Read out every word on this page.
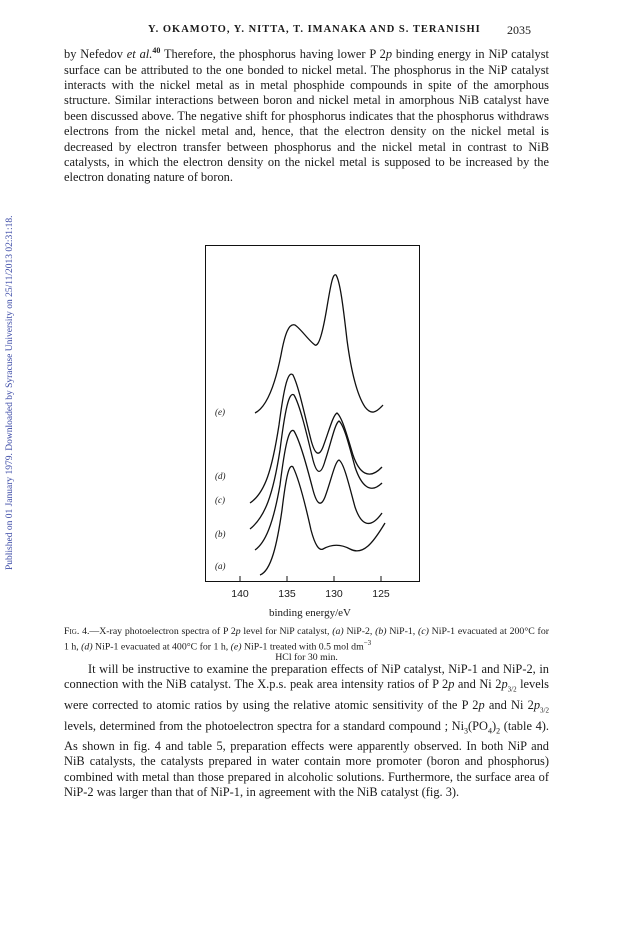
Published on 01 January 1979. Downloaded by Syracuse University on 25/11/2013 02:31:18.
Y. OKAMOTO, Y. NITTA, T. IMANAKA AND S. TERANISHI 2035

by Nefedov et al.$^{40}$ Therefore, the phosphorus having lower P 2p binding energy in NiP catalyst surface can be attributed to the one bonded to nickel metal. The phosphorus in the NiP catalyst interacts with the nickel metal as in metal phosphide compounds in spite of the amorphous structure. Similar interactions between boron and nickel metal in amorphous NiB catalyst have been discussed above. The negative shift for phosphorus indicates that the phosphorus withdraws electrons from the nickel metal and, hence, that the electron density on the nickel metal is decreased by electron transfer between phosphorus and the nickel metal in contrast to NiB catalysts, in which the electron density on the nickel metal is supposed to be increased by the electron donating nature of boron.

(e)
(d)
(c)
(b)
(a)
140	135	130	125
binding energy/eV

Fig. 4.—X-ray photoelectron spectra of P 2p level for NiP catalyst, (a) NiP-2, (b) NiP-1, (c) NiP-1 evacuated at 200°C for 1 h, (d) NiP-1 evacuated at 400°C for 1 h, (e) NiP-1 treated with 0.5 mol $dm^{-3}$
HCl for 30 min.

It will be instructive to examine the preparation effects of NiP catalyst, NiP-1 and NiP-2, in connection with the NiB catalyst. The X.p.s. peak area intensity ratios of P 2p and Ni $2p_{3/2}$ levels were corrected to atomic ratios by using the relative atomic sensitivity of the P 2p and Ni $2p_{3/2}$ levels, determined from the photoelectron spectra for a standard compound ; $Ni_3(PO_4)_2$ (table 4). As shown in fig. 4 and table 5, preparation effects were apparently observed. In both NiP and NiB catalysts, the catalysts prepared in water contain more promoter (boron and phosphorus) combined with metal than those prepared in alcoholic solutions. Furthermore, the surface area of NiP-2 was larger than that of NiP-1, in agreement with the NiB catalyst (fig. 3).
